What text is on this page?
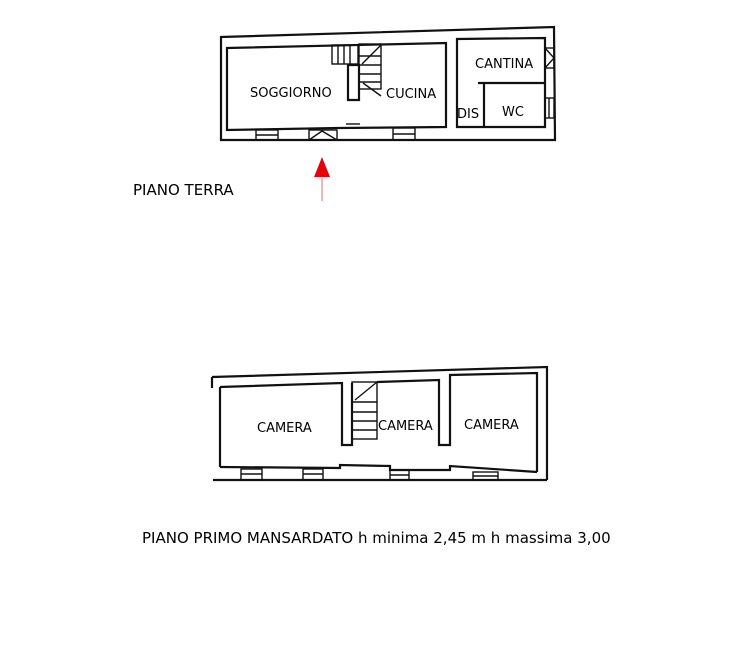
SOGGIORNO	CUCINA
CANTINA
DIS WC
PIANO TERRA
CAMERA	CAMERA CAMERA
PIANO PRIMO MANSARDATO h minima 2,45 m h massima 3,00
